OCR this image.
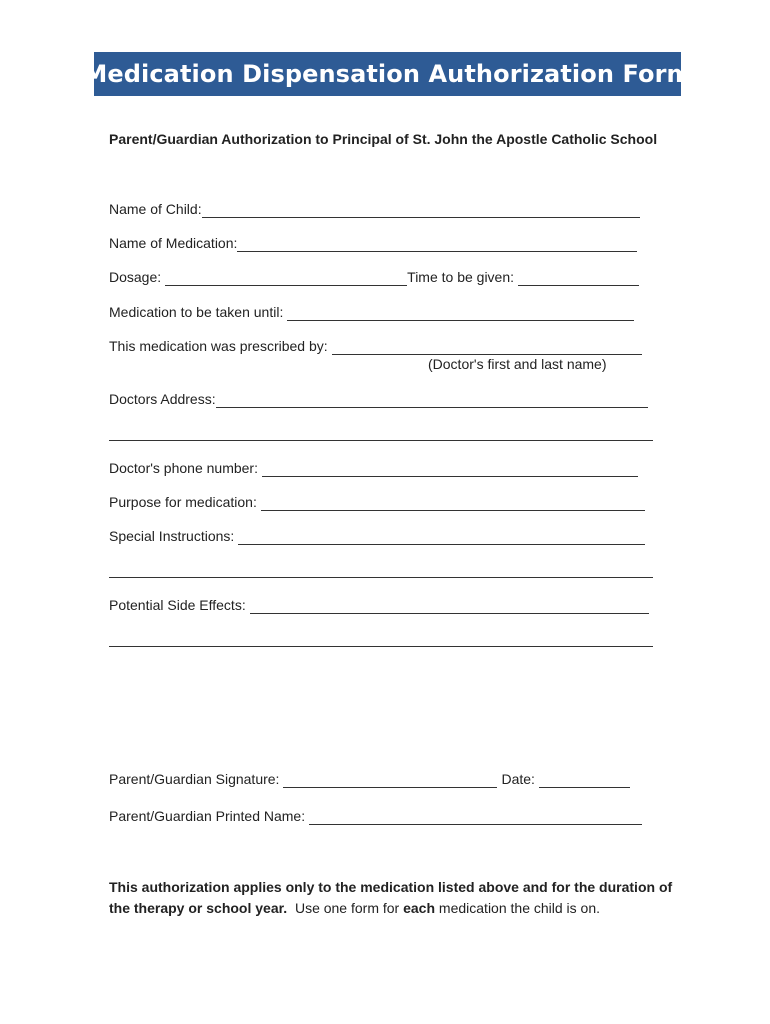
Medication Dispensation Authorization Form
Parent/Guardian Authorization to Principal of St. John the Apostle Catholic School
Name of Child:
Name of Medication:
Dosage:	Time to be given:
Medication to be taken until:
This medication was prescribed by:
(Doctor's first and last name)
Doctors Address:
Doctor's phone number:
Purpose for medication:
Special Instructions:
Potential Side Effects:
Parent/Guardian Signature:	Date:
Parent/Guardian Printed Name:
This authorization applies only to the medication listed above and for the duration of the therapy or school year. Use one form for each medication the child is on.
